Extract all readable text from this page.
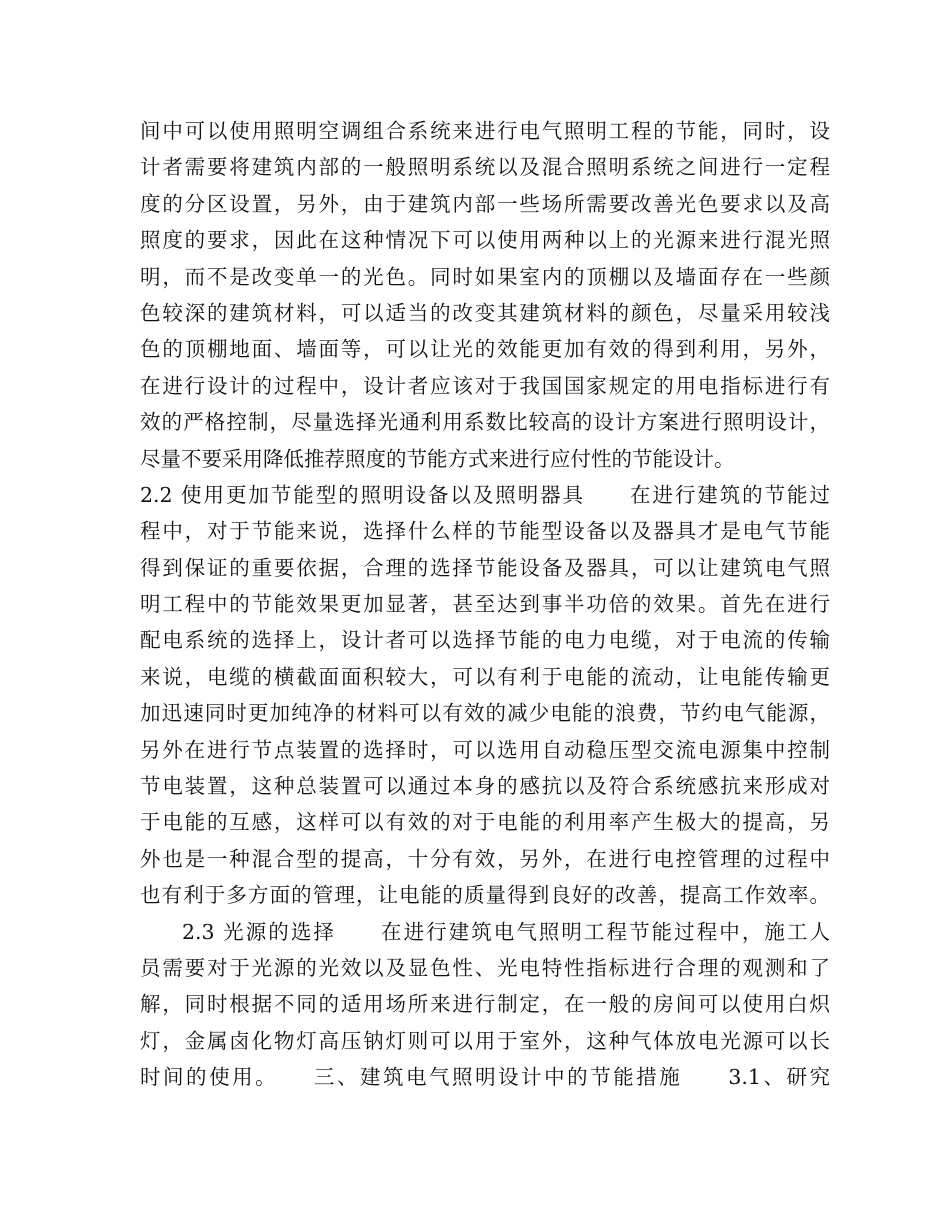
间中可以使用照明空调组合系统来进行电气照明工程的节能，同时，设
计者需要将建筑内部的一般照明系统以及混合照明系统之间进行一定程
度的分区设置，另外，由于建筑内部一些场所需要改善光色要求以及高
照度的要求，因此在这种情况下可以使用两种以上的光源来进行混光照
明，而不是改变单一的光色。同时如果室内的顶棚以及墙面存在一些颜
色较深的建筑材料，可以适当的改变其建筑材料的颜色，尽量采用较浅
色的顶棚地面、墙面等，可以让光的效能更加有效的得到利用，另外，
在进行设计的过程中，设计者应该对于我国国家规定的用电指标进行有
效的严格控制，尽量选择光通利用系数比较高的设计方案进行照明设计，
尽量不要采用降低推荐照度的节能方式来进行应付性的节能设计。
2.2 使用更加节能型的照明设备以及照明器具　　在进行建筑的节能过
程中，对于节能来说，选择什么样的节能型设备以及器具才是电气节能
得到保证的重要依据，合理的选择节能设备及器具，可以让建筑电气照
明工程中的节能效果更加显著，甚至达到事半功倍的效果。首先在进行
配电系统的选择上，设计者可以选择节能的电力电缆，对于电流的传输
来说，电缆的横截面面积较大，可以有利于电能的流动，让电能传输更
加迅速同时更加纯净的材料可以有效的减少电能的浪费，节约电气能源，
另外在进行节点装置的选择时，可以选用自动稳压型交流电源集中控制
节电装置，这种总装置可以通过本身的感抗以及符合系统感抗来形成对
于电能的互感，这样可以有效的对于电能的利用率产生极大的提高，另
外也是一种混合型的提高，十分有效，另外，在进行电控管理的过程中
也有利于多方面的管理，让电能的质量得到良好的改善，提高工作效率。
2.3 光源的选择　　在进行建筑电气照明工程节能过程中，施工人
员需要对于光源的光效以及显色性、光电特性指标进行合理的观测和了
解，同时根据不同的适用场所来进行制定，在一般的房间可以使用白炽
灯，金属卤化物灯高压钠灯则可以用于室外，这种气体放电光源可以长
时间的使用。　　三、建筑电气照明设计中的节能措施　　3.1、研究
